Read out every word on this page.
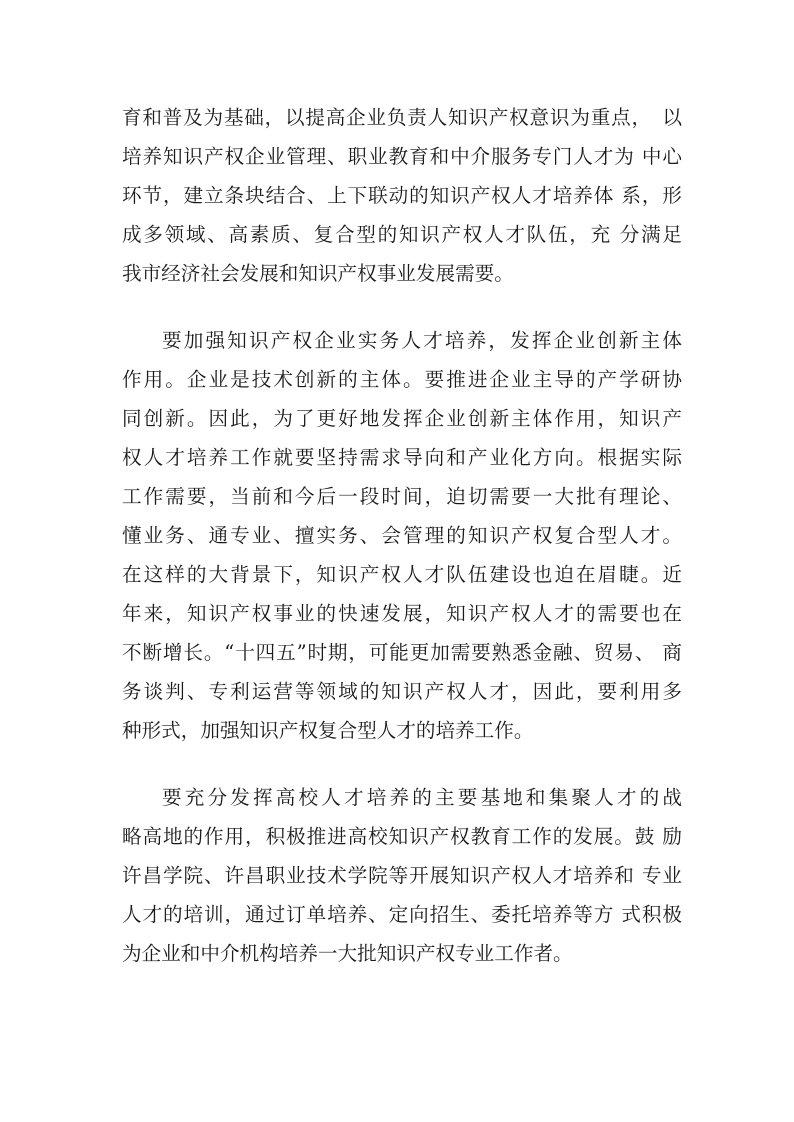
育和普及为基础，以提高企业负责人知识产权意识为重点，　以
培养知识产权企业管理、职业教育和中介服务专门人才为 中心
环节，建立条块结合、上下联动的知识产权人才培养体 系，形
成多领域、高素质、复合型的知识产权人才队伍，充 分满足
我市经济社会发展和知识产权事业发展需要。
要加强知识产权企业实务人才培养，发挥企业创新主体
作用。企业是技术创新的主体。要推进企业主导的产学研协
同创新。因此，为了更好地发挥企业创新主体作用，知识产
权人才培养工作就要坚持需求导向和产业化方向。根据实际
工作需要，当前和今后一段时间，迫切需要一大批有理论、
懂业务、通专业、擅实务、会管理的知识产权复合型人才。
在这样的大背景下，知识产权人才队伍建设也迫在眉睫。近
年来，知识产权事业的快速发展，知识产权人才的需要也在
不断增长。“十四五”时期，可能更加需要熟悉金融、贸易、 商
务谈判、专利运营等领域的知识产权人才，因此，要利用多
种形式，加强知识产权复合型人才的培养工作。
要充分发挥高校人才培养的主要基地和集聚人才的战
略高地的作用，积极推进高校知识产权教育工作的发展。鼓 励
许昌学院、许昌职业技术学院等开展知识产权人才培养和 专业
人才的培训，通过订单培养、定向招生、委托培养等方 式积极
为企业和中介机构培养一大批知识产权专业工作者。
